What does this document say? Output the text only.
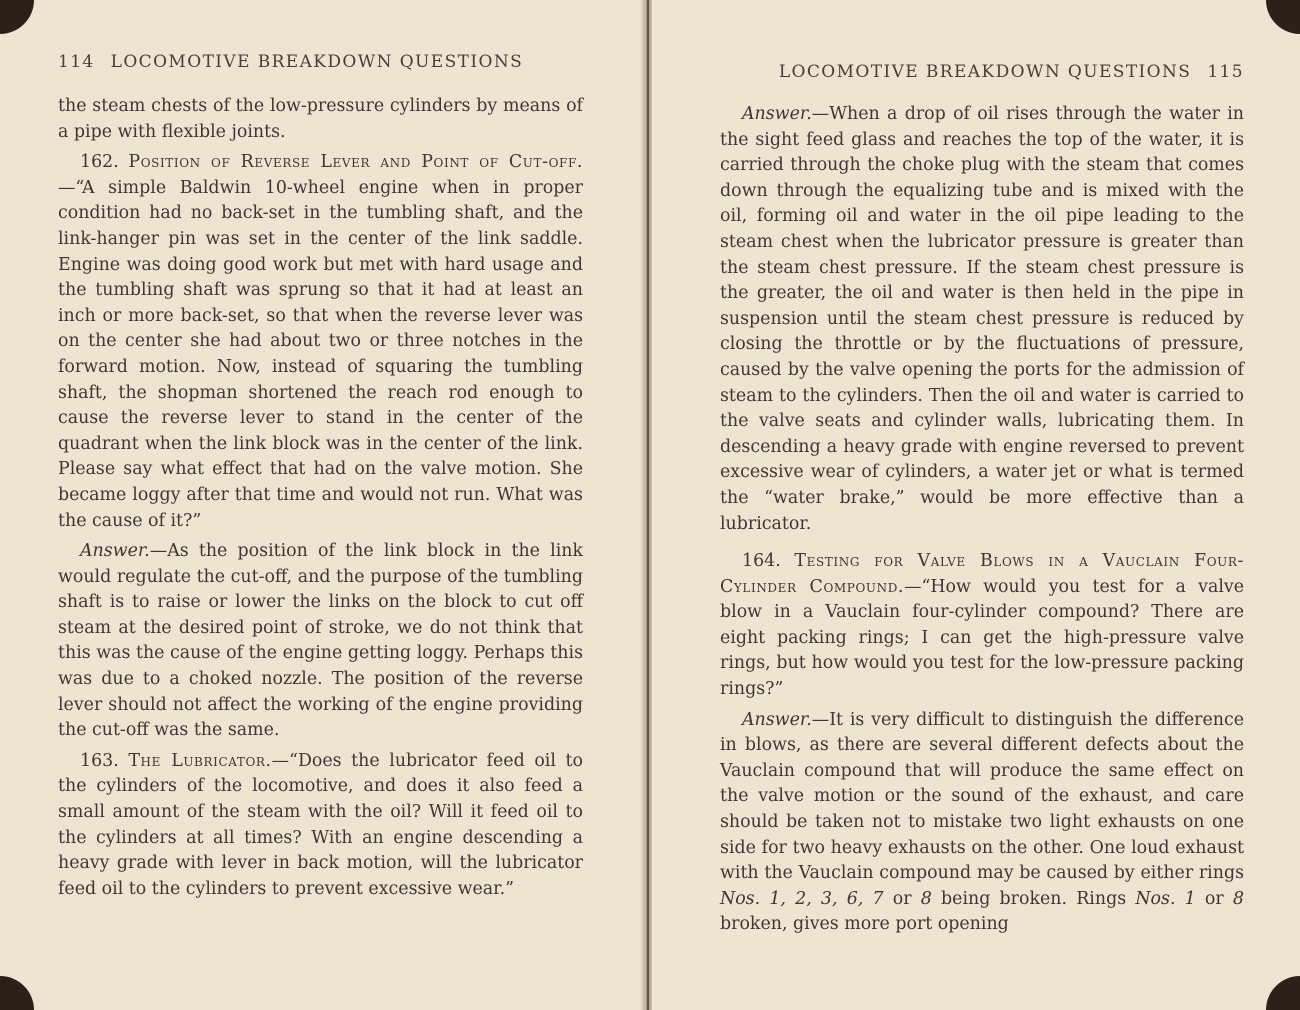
114 LOCOMOTIVE BREAKDOWN QUESTIONS

the steam chests of the low-pressure cylinders by means of a pipe with flexible joints.

162. Position of Reverse Lever and Point of Cut-off.—“A simple Baldwin 10-wheel engine when in proper condition had no back-set in the tumbling shaft, and the link-hanger pin was set in the center of the link saddle. Engine was doing good work but met with hard usage and the tumbling shaft was sprung so that it had at least an inch or more back-set, so that when the reverse lever was on the center she had about two or three notches in the forward motion. Now, instead of squaring the tumbling shaft, the shopman shortened the reach rod enough to cause the reverse lever to stand in the center of the quadrant when the link block was in the center of the link. Please say what effect that had on the valve motion. She became loggy after that time and would not run. What was the cause of it?”

Answer.—As the position of the link block in the link would regulate the cut-off, and the purpose of the tumbling shaft is to raise or lower the links on the block to cut off steam at the desired point of stroke, we do not think that this was the cause of the engine getting loggy. Perhaps this was due to a choked nozzle. The position of the reverse lever should not affect the working of the engine providing the cut-off was the same.

163. The Lubricator.—“Does the lubricator feed oil to the cylinders of the locomotive, and does it also feed a small amount of the steam with the oil? Will it feed oil to the cylinders at all times? With an engine descending a heavy grade with lever in back motion, will the lubricator feed oil to the cylinders to prevent excessive wear.”

LOCOMOTIVE BREAKDOWN QUESTIONS 115

Answer.—When a drop of oil rises through the water in the sight feed glass and reaches the top of the water, it is carried through the choke plug with the steam that comes down through the equalizing tube and is mixed with the oil, forming oil and water in the oil pipe leading to the steam chest when the lubricator pressure is greater than the steam chest pressure. If the steam chest pressure is the greater, the oil and water is then held in the pipe in suspension until the steam chest pressure is reduced by closing the throttle or by the fluctuations of pressure, caused by the valve opening the ports for the admission of steam to the cylinders. Then the oil and water is carried to the valve seats and cylinder walls, lubricating them. In descending a heavy grade with engine reversed to prevent excessive wear of cylinders, a water jet or what is termed the “water brake,” would be more effective than a lubricator.

164. Testing for Valve Blows in a Vauclain Four-Cylinder Compound.—“How would you test for a valve blow in a Vauclain four-cylinder compound? There are eight packing rings; I can get the high-pressure valve rings, but how would you test for the low-pressure packing rings?”

Answer.—It is very difficult to distinguish the difference in blows, as there are several different defects about the Vauclain compound that will produce the same effect on the valve motion or the sound of the exhaust, and care should be taken not to mistake two light exhausts on one side for two heavy exhausts on the other. One loud exhaust with the Vauclain compound may be caused by either rings Nos. 1, 2, 3, 6, 7 or 8 being broken. Rings Nos. 1 or 8 broken, gives more port opening
